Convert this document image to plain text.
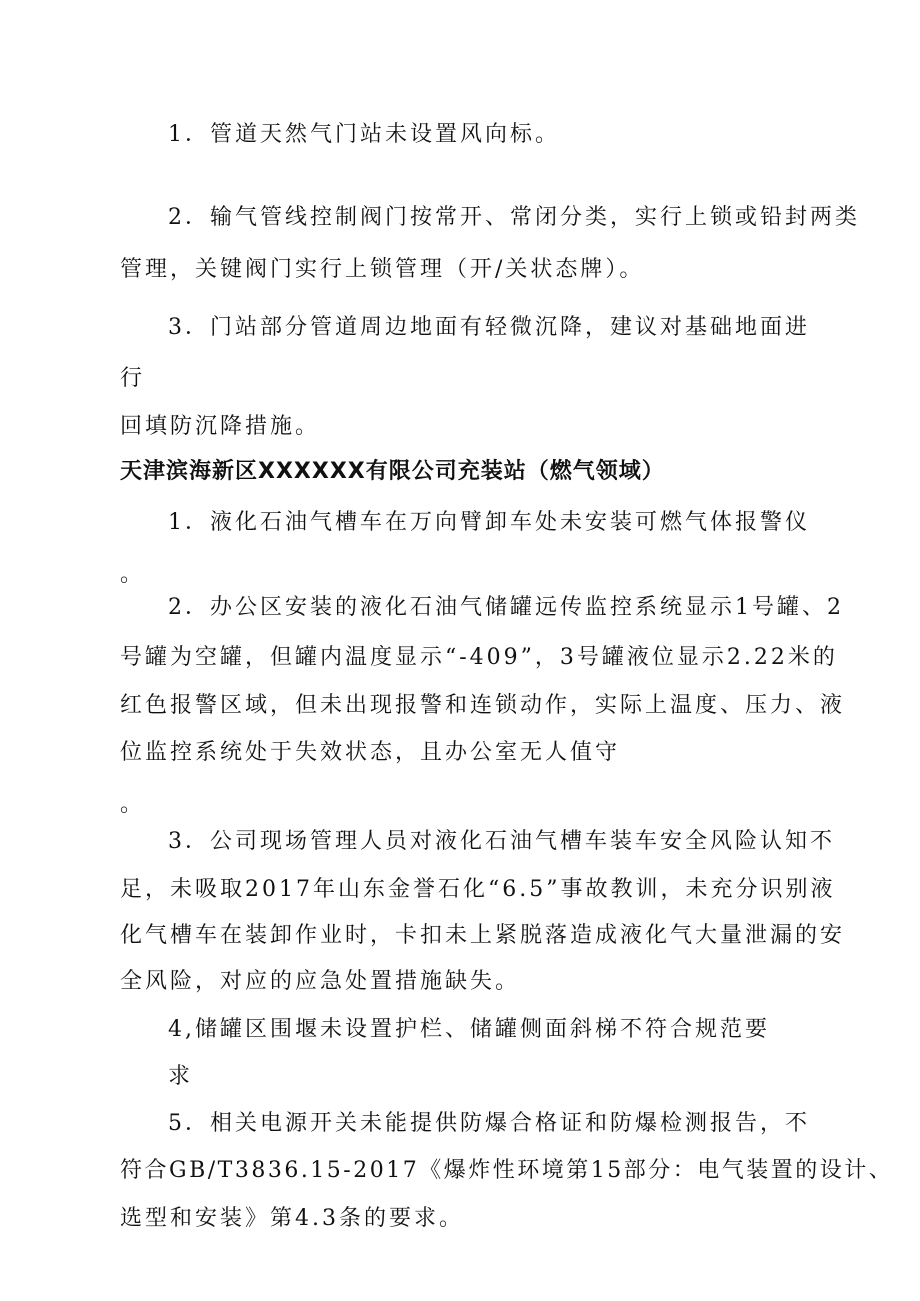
1．管道天然气门站未设置风向标。
2．输气管线控制阀门按常开、常闭分类，实行上锁或铅封两类
管理，关键阀门实行上锁管理（开/关状态牌）。
3．门站部分管道周边地面有轻微沉降，建议对基础地面进
行
回填防沉降措施。
天津滨海新区XXXXXX有限公司充装站（燃气领域）
1．液化石油气槽车在万向臂卸车处未安装可燃气体报警仪
。
2．办公区安装的液化石油气储罐远传监控系统显示1号罐、2
号罐为空罐，但罐内温度显示“-409”，3号罐液位显示2.22米的
红色报警区域，但未出现报警和连锁动作，实际上温度、压力、液
位监控系统处于失效状态，且办公室无人值守
。
3．公司现场管理人员对液化石油气槽车装车安全风险认知不
足，未吸取2017年山东金誉石化“6.5”事故教训，未充分识别液
化气槽车在装卸作业时，卡扣未上紧脱落造成液化气大量泄漏的安
全风险，对应的应急处置措施缺失。
4,储罐区围堰未设置护栏、储罐侧面斜梯不符合规范要
求
5．相关电源开关未能提供防爆合格证和防爆检测报告，不
符合GB/T3836.15-2017《爆炸性环境第15部分：电气装置的设计、
选型和安装》第4.3条的要求。
